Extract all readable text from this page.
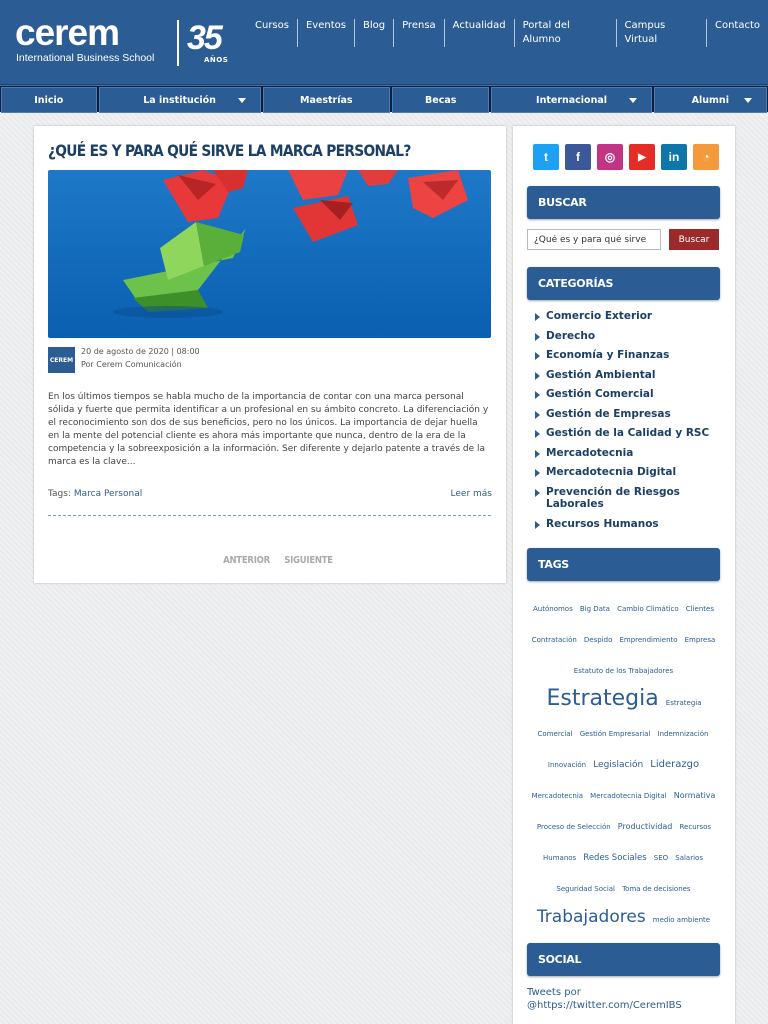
cerem
International Business School
35
AÑOS
Cursos	Eventos	Blog	Prensa	Actualidad	Portal del Alumno
Campus Virtual
Contacto
Inicio	La institución	Maestrías	Becas	Internacional	Alumni
¿QUÉ ES Y PARA QUÉ SIRVE LA MARCA PERSONAL?
CEREM
20 de agosto de 2020 | 08:00
Por Cerem Comunicación

En los últimos tiempos se habla mucho de la importancia de contar con una marca personal sólida y fuerte que permita identificar a un profesional en su ámbito concreto. La diferenciación y el reconocimiento son dos de sus beneficios, pero no los únicos. La importancia de dejar huella en la mente del potencial cliente es ahora más importante que nunca, dentro de la era de la competencia y la sobreexposición a la información. Ser diferente y dejarlo patente a través de la marca es la clave...

Tags: Marca Personal	Leer más
ANTERIOR SIGUIENTE
t	f	◎	▶	in	◔
BUSCAR
¿Qué es y para qué sirve
Buscar
CATEGORÍAS
Comercio Exterior
Derecho
Economía y Finanzas
Gestión Ambiental
Gestión Comercial
Gestión de Empresas
Gestión de la Calidad y RSC
Mercadotecnia
Mercadotecnia Digital
Prevención de Riesgos Laborales
Recursos Humanos
TAGS
Autónomos Big Data Cambio Climático Clientes Contratación Despido Emprendimiento Empresa Estatuto de los Trabajadores Estrategia Estrategia Comercial Gestión Empresarial Indemnización Innovación Legislación Liderazgo Mercadotecnia Mercadotecnia Digital Normativa Proceso de Selección Productividad Recursos Humanos Redes Sociales SEO Salarios Seguridad Social Toma de decisiones Trabajadores medio ambiente
SOCIAL
Tweets por
@https://twitter.com/CeremIBS
